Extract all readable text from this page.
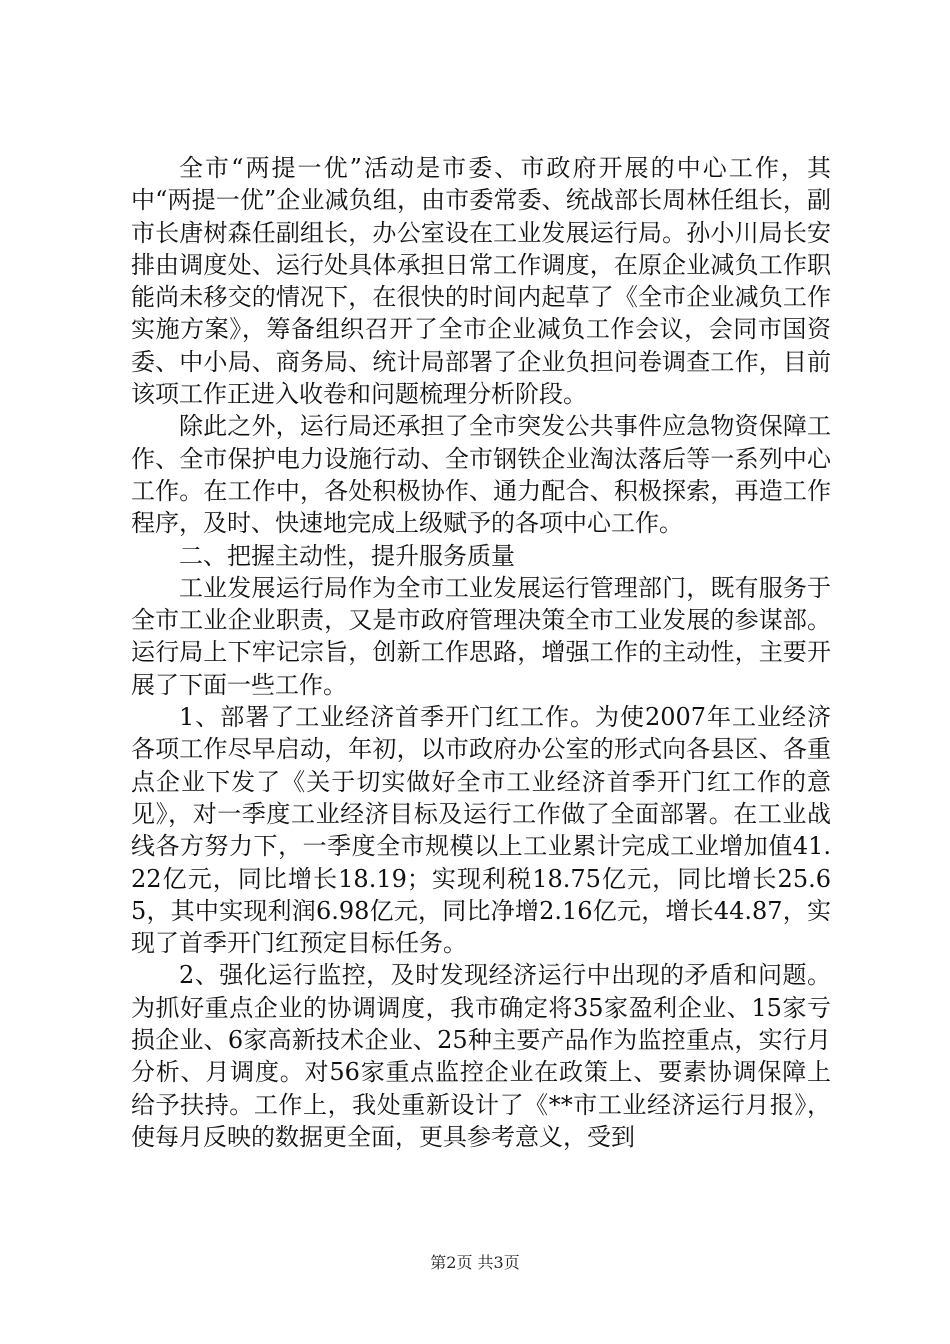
全市“两提一优”活动是市委、市政府开展的中心工作，其中“两提一优”企业减负组，由市委常委、统战部长周林任组长，副市长唐树森任副组长，办公室设在工业发展运行局。孙小川局长安排由调度处、运行处具体承担日常工作调度，在原企业减负工作职能尚未移交的情况下，在很快的时间内起草了《全市企业减负工作实施方案》，筹备组织召开了全市企业减负工作会议，会同市国资委、中小局、商务局、统计局部署了企业负担问卷调查工作，目前该项工作正进入收卷和问题梳理分析阶段。

除此之外，运行局还承担了全市突发公共事件应急物资保障工作、全市保护电力设施行动、全市钢铁企业淘汰落后等一系列中心工作。在工作中，各处积极协作、通力配合、积极探索，再造工作程序，及时、快速地完成上级赋予的各项中心工作。

二、把握主动性，提升服务质量

工业发展运行局作为全市工业发展运行管理部门，既有服务于全市工业企业职责，又是市政府管理决策全市工业发展的参谋部。运行局上下牢记宗旨，创新工作思路，增强工作的主动性，主要开展了下面一些工作。

1、部署了工业经济首季开门红工作。为使2007年工业经济各项工作尽早启动，年初，以市政府办公室的形式向各县区、各重点企业下发了《关于切实做好全市工业经济首季开门红工作的意见》，对一季度工业经济目标及运行工作做了全面部署。在工业战线各方努力下，一季度全市规模以上工业累计完成工业增加值41.22亿元，同比增长18.19；实现利税18.75亿元，同比增长25.65，其中实现利润6.98亿元，同比净增2.16亿元，增长44.87，实现了首季开门红预定目标任务。

2、强化运行监控，及时发现经济运行中出现的矛盾和问题。为抓好重点企业的协调调度，我市确定将35家盈利企业、15家亏损企业、6家高新技术企业、25种主要产品作为监控重点，实行月分析、月调度。对56家重点监控企业在政策上、要素协调保障上给予扶持。工作上，我处重新设计了《**市工业经济运行月报》，使每月反映的数据更全面，更具参考意义，受到

第2页 共3页
